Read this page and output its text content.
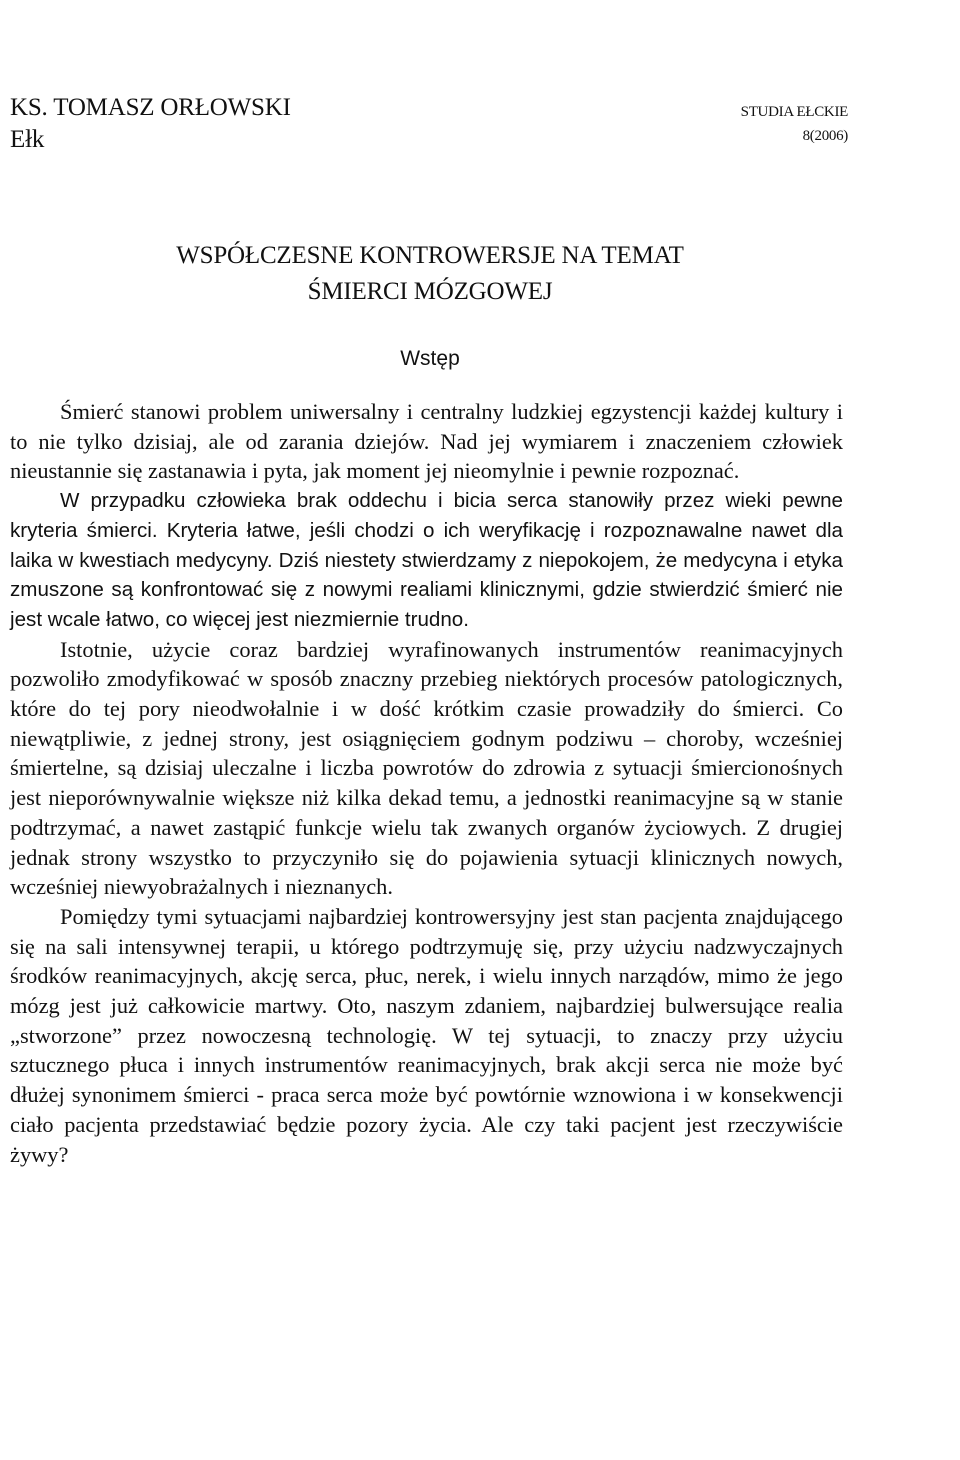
KS. TOMASZ ORŁOWSKI
Ełk
STUDIA EŁCKIE
8(2006)
WSPÓŁCZESNE KONTROWERSJE NA TEMAT
ŚMIERCI MÓZGOWEJ
Wstęp

Śmierć stanowi problem uniwersalny i centralny ludzkiej egzystencji każdej kultury i to nie tylko dzisiaj, ale od zarania dziejów. Nad jej wymiarem i znaczeniem człowiek nieustannie się zastanawia i pyta, jak moment jej nieomylnie i pewnie rozpoznać.

W przypadku człowieka brak oddechu i bicia serca stanowiły przez wieki pewne kryteria śmierci. Kryteria łatwe, jeśli chodzi o ich weryfikację i rozpoznawalne nawet dla laika w kwestiach medycyny. Dziś niestety stwierdzamy z niepokojem, że medycyna i etyka zmuszone są konfrontować się z nowymi realiami klinicznymi, gdzie stwierdzić śmierć nie jest wcale łatwo, co więcej jest niezmiernie trudno.

Istotnie, użycie coraz bardziej wyrafinowanych instrumentów reanimacyjnych pozwoliło zmodyfikować w sposób znaczny przebieg niektórych procesów patologicznych, które do tej pory nieodwołalnie i w dość krótkim czasie prowadziły do śmierci. Co niewątpliwie, z jednej strony, jest osiągnięciem godnym podziwu – choroby, wcześniej śmiertelne, są dzisiaj uleczalne i liczba powrotów do zdrowia z sytuacji śmiercionośnych jest nieporównywalnie większe niż kilka dekad temu, a jednostki reanimacyjne są w stanie podtrzymać, a nawet zastąpić funkcje wielu tak zwanych organów życiowych. Z drugiej jednak strony wszystko to przyczyniło się do pojawienia sytuacji klinicznych nowych, wcześniej niewyobrażalnych i nieznanych.

Pomiędzy tymi sytuacjami najbardziej kontrowersyjny jest stan pacjenta znajdującego się na sali intensywnej terapii, u którego podtrzymuję się, przy użyciu nadzwyczajnych środków reanimacyjnych, akcję serca, płuc, nerek, i wielu innych narządów, mimo że jego mózg jest już całkowicie martwy. Oto, naszym zdaniem, najbardziej bulwersujące realia „stworzone” przez nowoczesną technologię. W tej sytuacji, to znaczy przy użyciu sztucznego płuca i innych instrumentów reanimacyjnych, brak akcji serca nie może być dłużej synonimem śmierci - praca serca może być powtórnie wznowiona i w konsekwencji ciało pacjenta przedstawiać będzie pozory życia. Ale czy taki pacjent jest rzeczywiście żywy?
